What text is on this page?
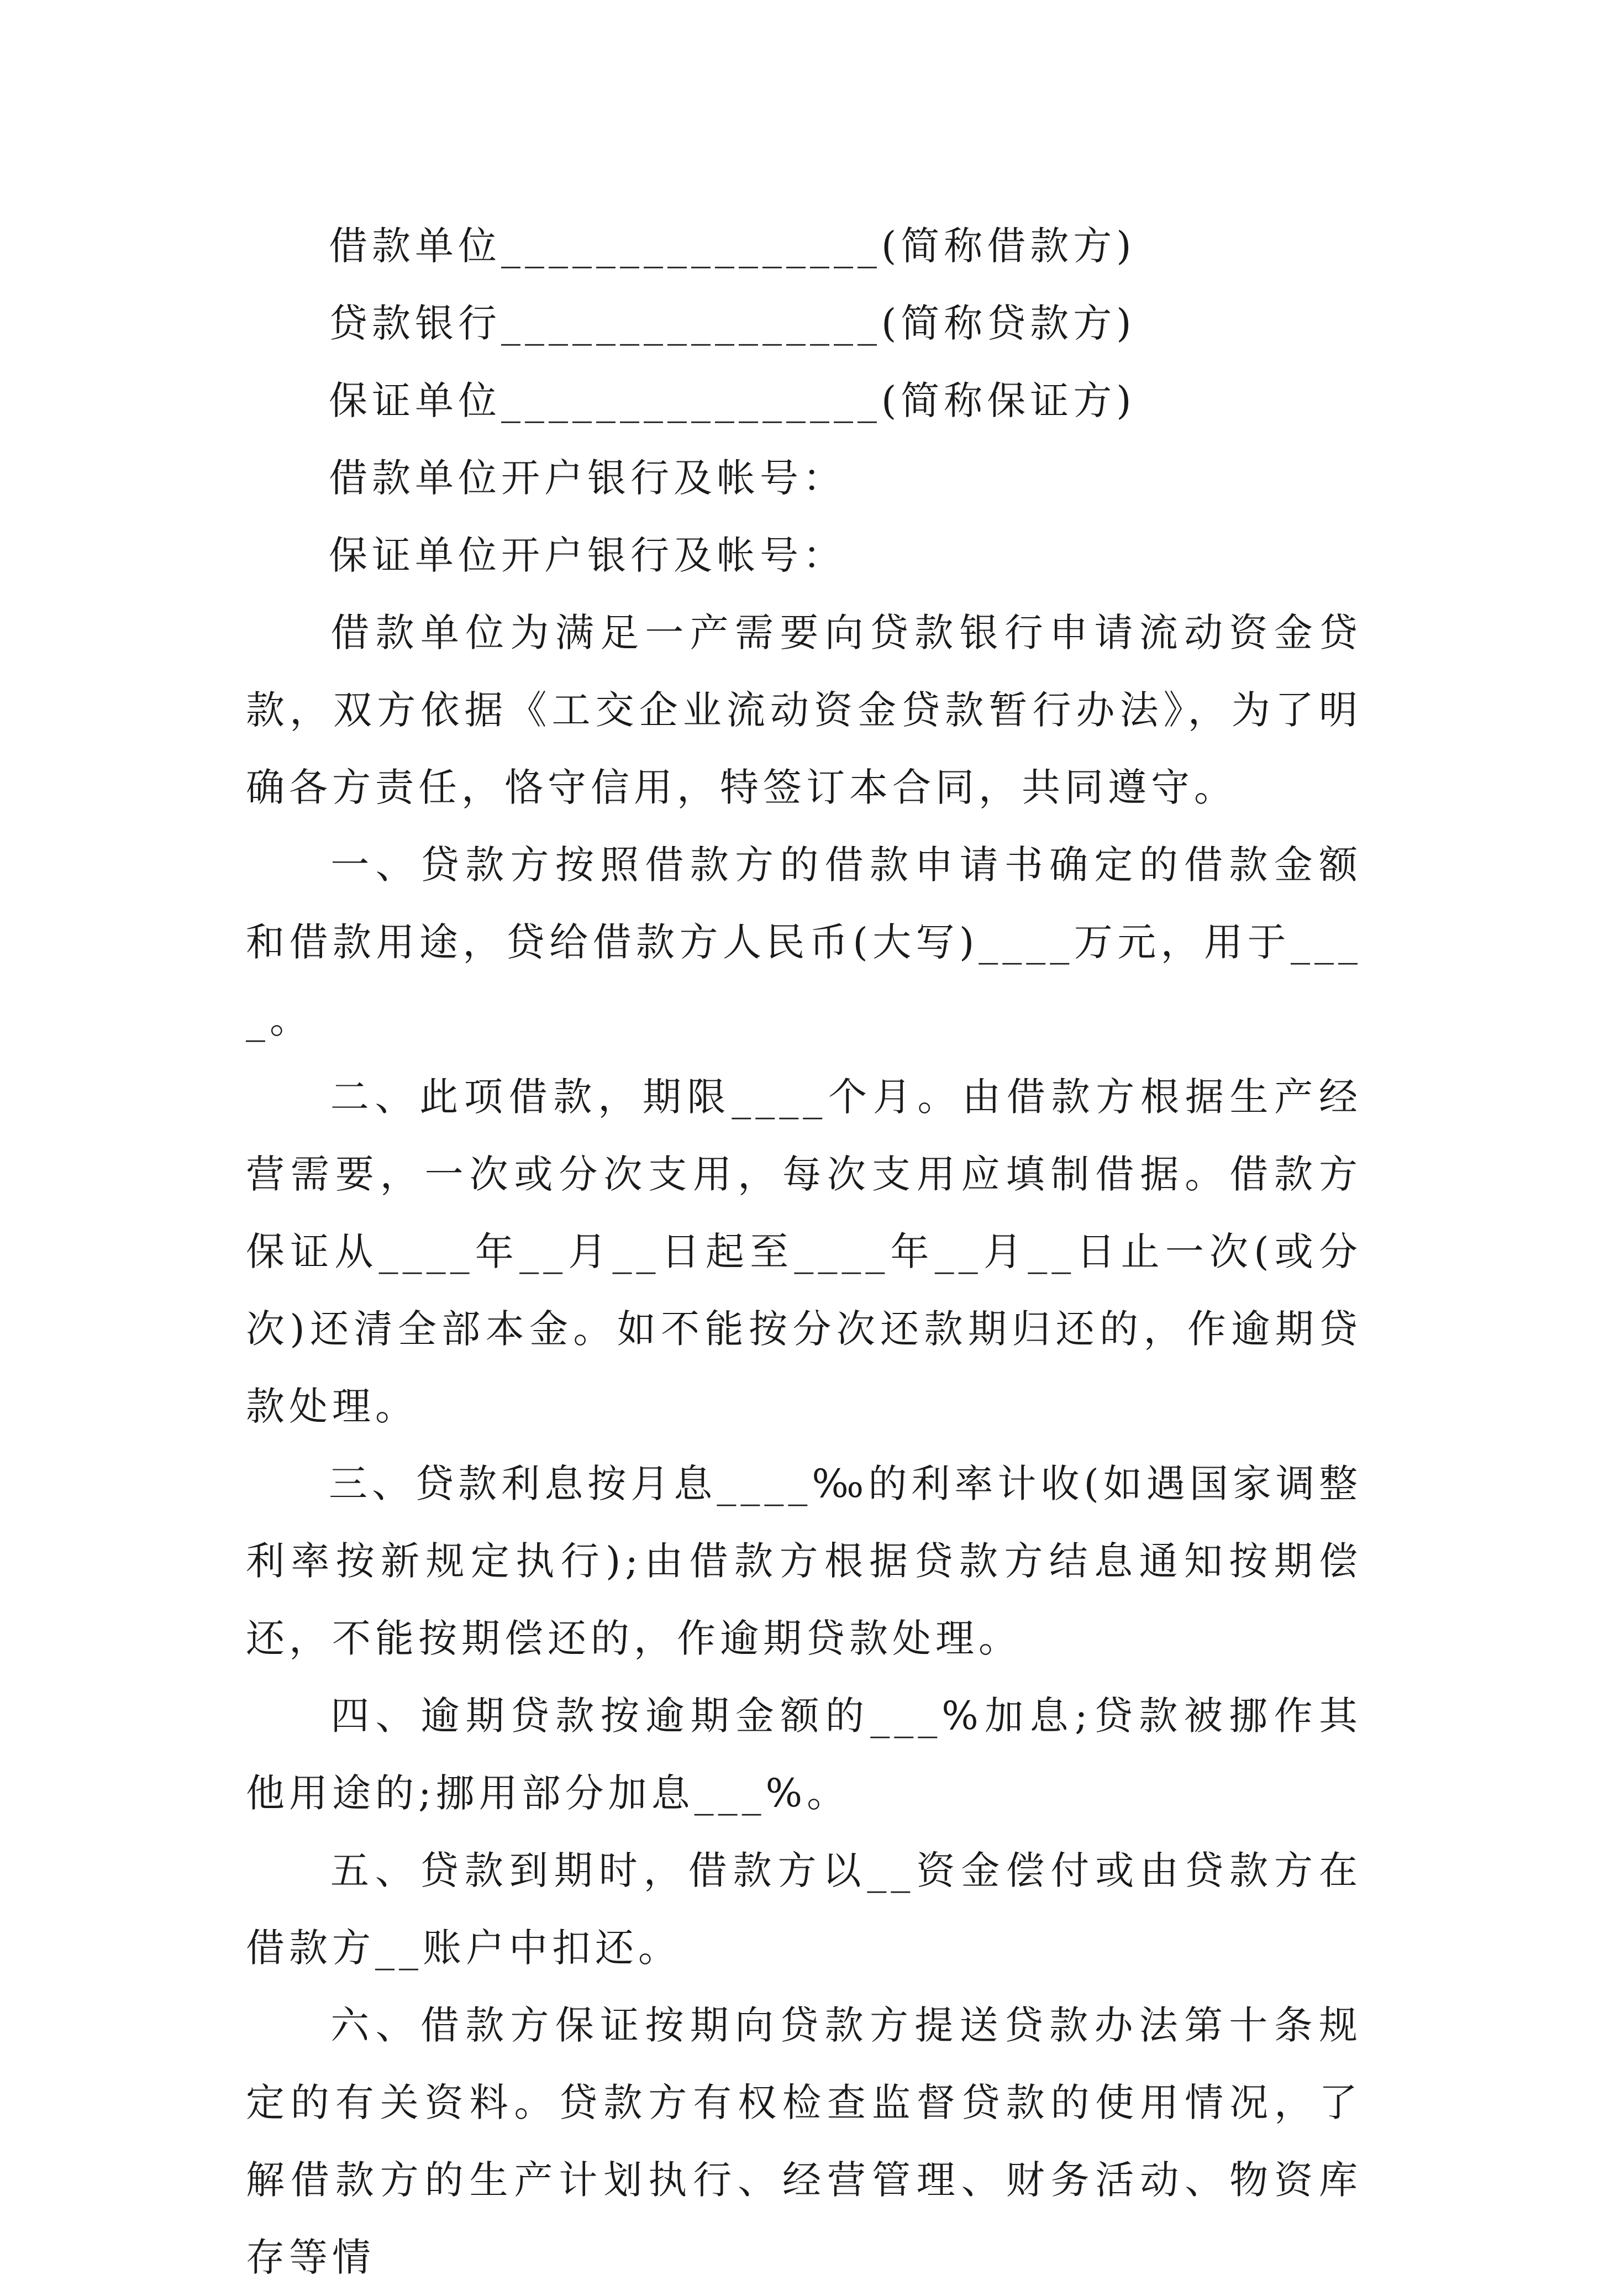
借款单位________________(简称借款方)
贷款银行________________(简称贷款方)
保证单位________________(简称保证方)
借款单位开户银行及帐号：
保证单位开户银行及帐号：

借款单位为满足一产需要向贷款银行申请流动资金贷款，双方依据《工交企业流动资金贷款暂行办法》，为了明确各方责任，恪守信用，特签订本合同，共同遵守。

一、贷款方按照借款方的借款申请书确定的借款金额和借款用途，贷给借款方人民币(大写)____万元，用于____。

二、此项借款，期限____个月。由借款方根据生产经营需要，一次或分次支用，每次支用应填制借据。借款方保证从____年__月__日起至____年__月__日止一次(或分次)还清全部本金。如不能按分次还款期归还的，作逾期贷款处理。

三、贷款利息按月息____‰的利率计收(如遇国家调整利率按新规定执行);由借款方根据贷款方结息通知按期偿还，不能按期偿还的，作逾期贷款处理。

四、逾期贷款按逾期金额的___%加息;贷款被挪作其他用途的;挪用部分加息___%。

五、贷款到期时，借款方以__资金偿付或由贷款方在借款方__账户中扣还。

六、借款方保证按期向贷款方提送贷款办法第十条规定的有关资料。贷款方有权检查监督贷款的使用情况，了解借款方的生产计划执行、经营管理、财务活动、物资库存等情
